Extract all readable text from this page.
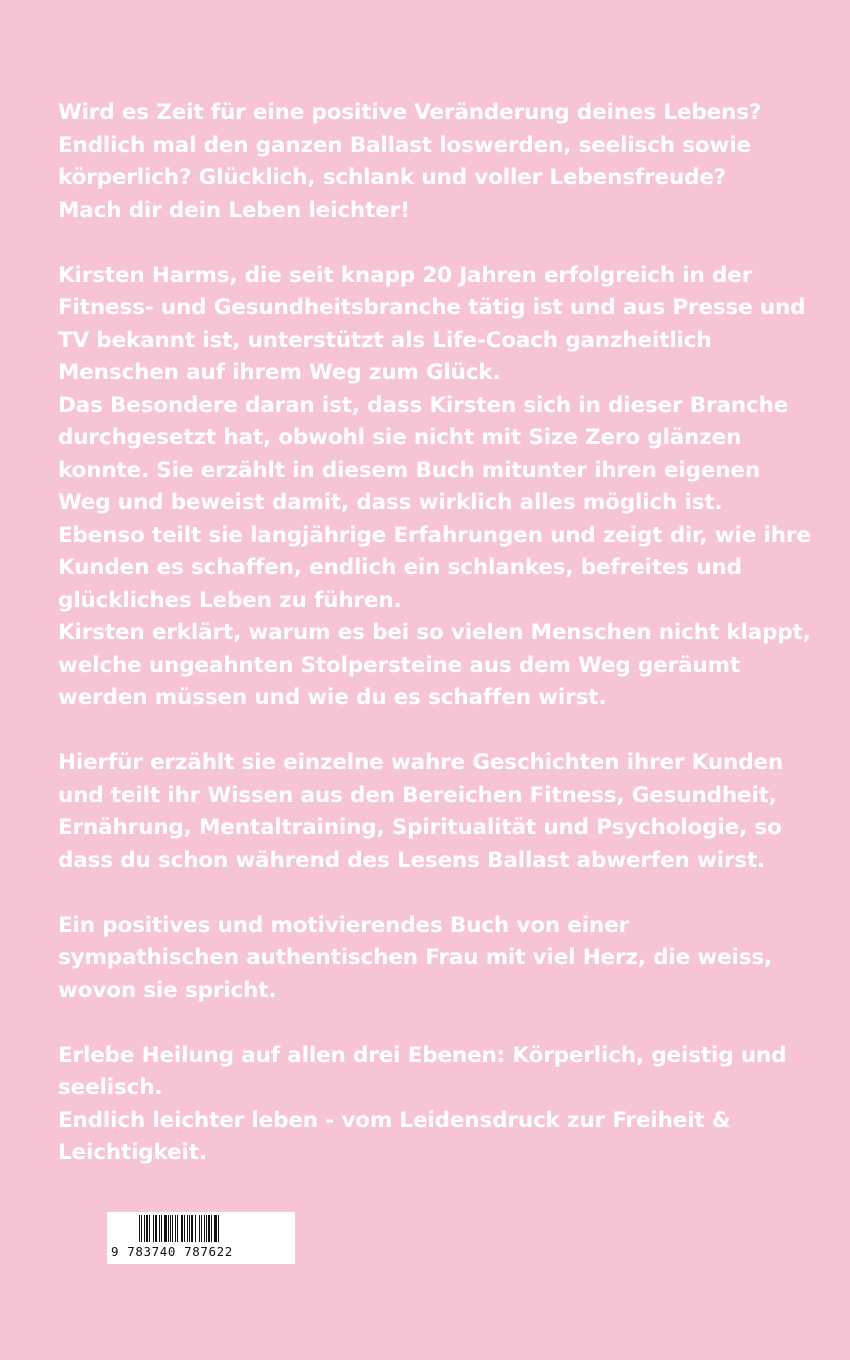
Wird es Zeit für eine positive Veränderung deines Lebens?
Endlich mal den ganzen Ballast loswerden, seelisch sowie
körperlich? Glücklich, schlank und voller Lebensfreude?
Mach dir dein Leben leichter!

Kirsten Harms, die seit knapp 20 Jahren erfolgreich in der
Fitness- und Gesundheitsbranche tätig ist und aus Presse und
TV bekannt ist, unterstützt als Life-Coach ganzheitlich
Menschen auf ihrem Weg zum Glück.
Das Besondere daran ist, dass Kirsten sich in dieser Branche
durchgesetzt hat, obwohl sie nicht mit Size Zero glänzen
konnte. Sie erzählt in diesem Buch mitunter ihren eigenen
Weg und beweist damit, dass wirklich alles möglich ist.
Ebenso teilt sie langjährige Erfahrungen und zeigt dir, wie ihre
Kunden es schaffen, endlich ein schlankes, befreites und
glückliches Leben zu führen.
Kirsten erklärt, warum es bei so vielen Menschen nicht klappt,
welche ungeahnten Stolpersteine aus dem Weg geräumt
werden müssen und wie du es schaffen wirst.

Hierfür erzählt sie einzelne wahre Geschichten ihrer Kunden
und teilt ihr Wissen aus den Bereichen Fitness, Gesundheit,
Ernährung, Mentaltraining, Spiritualität und Psychologie, so
dass du schon während des Lesens Ballast abwerfen wirst.

Ein positives und motivierendes Buch von einer
sympathischen authentischen Frau mit viel Herz, die weiss,
wovon sie spricht.

Erlebe Heilung auf allen drei Ebenen: Körperlich, geistig und
seelisch.
Endlich leichter leben - vom Leidensdruck zur Freiheit &
Leichtigkeit.

9 783740 787622
